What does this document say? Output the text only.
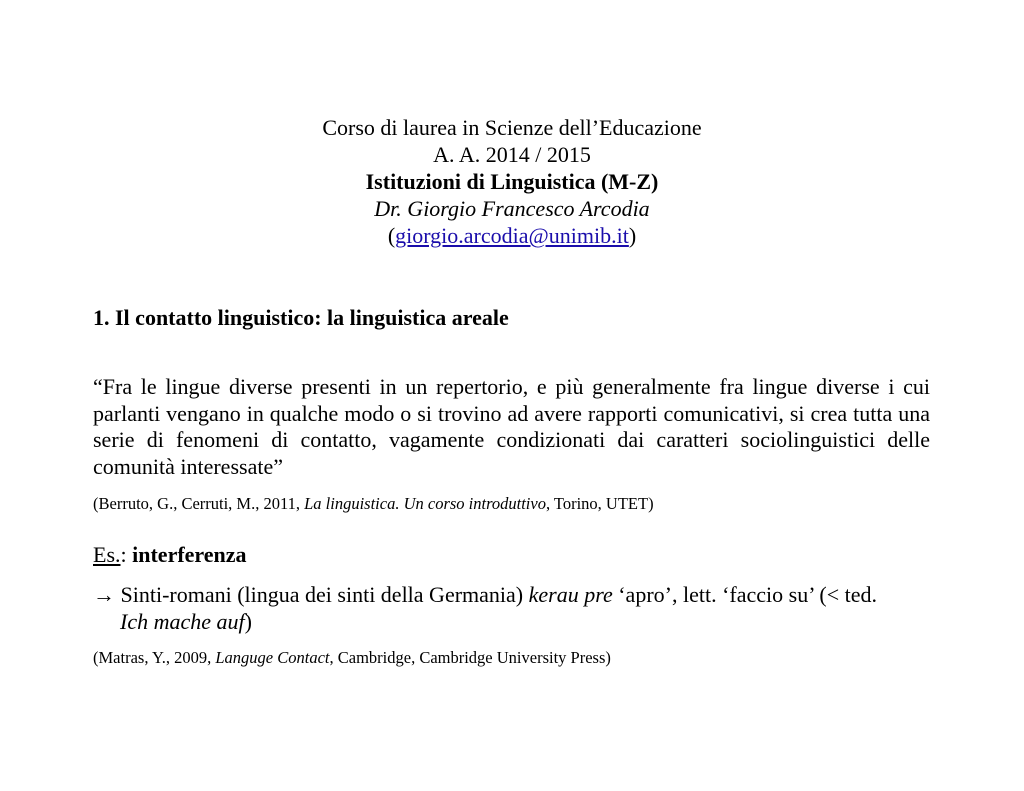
Corso di laurea in Scienze dell’Educazione
A. A. 2014 / 2015
Istituzioni di Linguistica (M-Z)
Dr. Giorgio Francesco Arcodia
(giorgio.arcodia@unimib.it)
1. Il contatto linguistico: la linguistica areale
“Fra le lingue diverse presenti in un repertorio, e più generalmente fra lingue diverse i cui parlanti vengano in qualche modo o si trovino ad avere rapporti comunicativi, si crea tutta una serie di fenomeni di contatto, vagamente condizionati dai caratteri sociolinguistici delle comunità interessate”
(Berruto, G., Cerruti, M., 2011, La linguistica. Un corso introduttivo, Torino, UTET)
Es.: interferenza
→ Sinti-romani (lingua dei sinti della Germania) kerau pre ‘apro’, lett. ‘faccio su’ (< ted.
Ich mache auf)
(Matras, Y., 2009, Languge Contact, Cambridge, Cambridge University Press)
